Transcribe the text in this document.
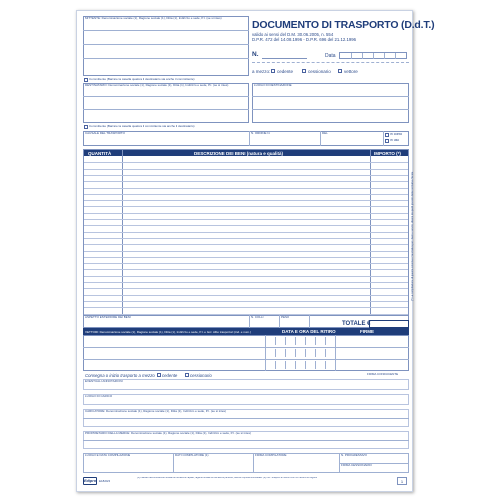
MITTENTE: Denominazione sociale (1), Ragione sociale (1), Ditta (1), Indirizzo e sede, P.I. (se si intes)
DOCUMENTO DI TRASPORTO (D.d.T.)
valido ai sensi del D.M. 30.06.2005, n. 554
D.P.R. 472 del 14.08.1996 - D.P.R. 696 del 21.12.1996
N.	Data
a mezzo: cedente	cessionario	vettore
Committente (Barrare la casella qualora il destinatario sia anche il committente)
DESTINATARIO: Denominazione sociale (1), Ragione sociale (1), Ditta (1), Indirizzo e sede, P.I. (se si intes)	LUOGO DI DESTINAZIONE
Committente (Barrare la casella qualora il committente sia anche il destinatario)
CAUSALE DEL TRASPORTO	N. ORDINE N.	DEL	in conto
in uso
QUANTITÀ	DESCRIZIONE DEI BENI (natura e qualità)	IMPORTO (*)
(*) La compilazione di questa colonna è facoltativa per i beni e servizi, diversi da quelli previsti dalla normativa fiscale
ASPETTO ESTERIORE DEI BENI	N. COLLI	PESO
TOTALE €
VETTORI: Denominazione sociale (1), Ragione sociale (1), Ditta (1), Indirizzo e sede, P.I. e Iscr. Albo trasportori (ind. e num.)	DATA E ORA DEL RITIRO	FIRME
Consegna o inizio trasporto a mezzo cedente	cessionario	FIRMA CONDUCENTE
EVENTUALI ANNOTAZIONI
LUOGO DI CARICO
CARICATORE: Denominazione sociale (1), Ragione sociale (1), Ditta (1), Indirizzo e sede, P.I. (se si intes)
PROPRIETARIO DELLA MERCE: Denominazione sociale (1), Ragione sociale (1), Ditta (1), Indirizzo e sede, P.I. (se si intes)
LUOGO E DATA COMPILAZIONE	DATI COMPILATORE (1)	FIRMA COMPILATORE	N. PROGRESSIVO
FIRMA CESSIONARIO
Edipro E1820/4
(1) Indicare denominazione sociale se società di capitali, ragione sociale se società di persone, ditta se impresa individuale. (2) Per i trasporti di merce che non rientra nel regime
1
